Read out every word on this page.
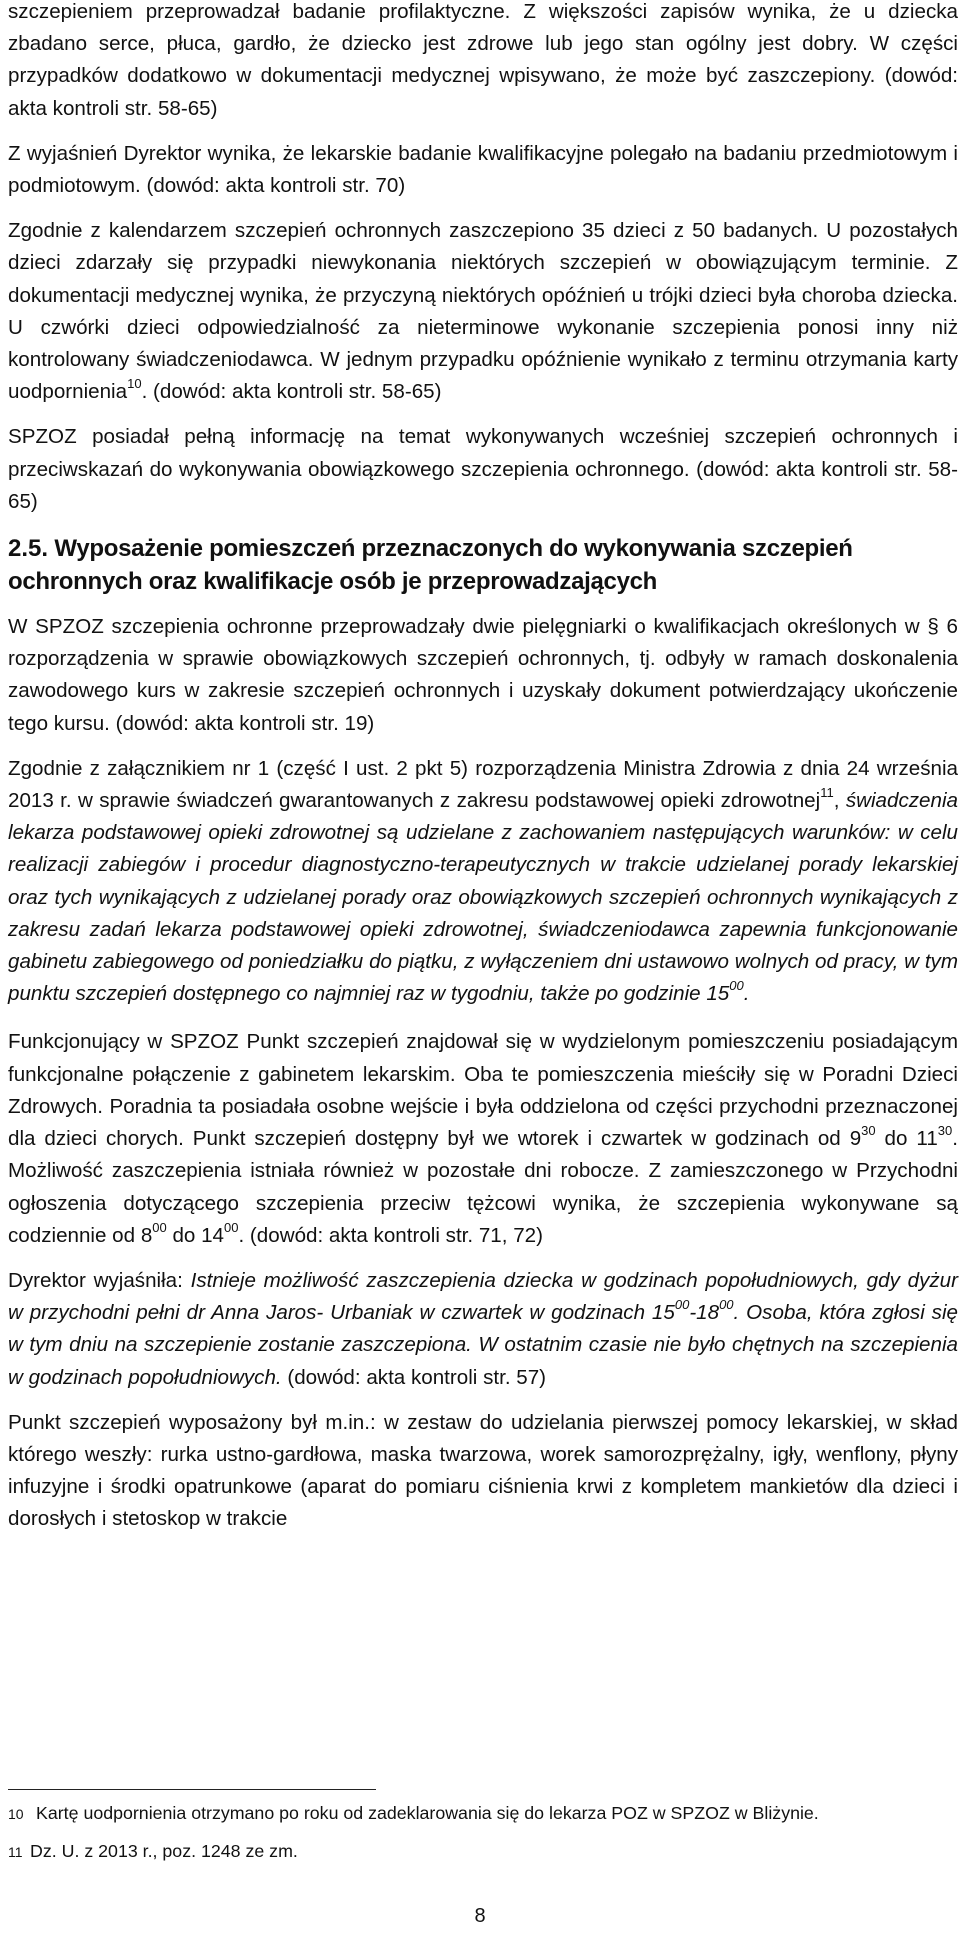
szczepieniem przeprowadzał badanie profilaktyczne. Z większości zapisów wynika, że u dziecka zbadano serce, płuca, gardło, że dziecko jest zdrowe lub jego stan ogólny jest dobry. W części przypadków dodatkowo w dokumentacji medycznej wpisywano, że może być zaszczepiony. (dowód: akta kontroli str. 58-65)

Z wyjaśnień Dyrektor wynika, że lekarskie badanie kwalifikacyjne polegało na badaniu przedmiotowym i podmiotowym. (dowód: akta kontroli str. 70)

Zgodnie z kalendarzem szczepień ochronnych zaszczepiono 35 dzieci z 50 badanych. U pozostałych dzieci zdarzały się przypadki niewykonania niektórych szczepień w obowiązującym terminie. Z dokumentacji medycznej wynika, że przyczyną niektórych opóźnień u trójki dzieci była choroba dziecka. U czwórki dzieci odpowiedzialność za nieterminowe wykonanie szczepienia ponosi inny niż kontrolowany świadczeniodawca. W jednym przypadku opóźnienie wynikało z terminu otrzymania karty uodpornienia$^{10}$. (dowód: akta kontroli str. 58-65)

SPZOZ posiadał pełną informację na temat wykonywanych wcześniej szczepień ochronnych i przeciwskazań do wykonywania obowiązkowego szczepienia ochronnego. (dowód: akta kontroli str. 58-65)

2.5. Wyposażenie pomieszczeń przeznaczonych do wykonywania szczepień ochronnych oraz kwalifikacje osób je przeprowadzających

W SPZOZ szczepienia ochronne przeprowadzały dwie pielęgniarki o kwalifikacjach określonych w § 6 rozporządzenia w sprawie obowiązkowych szczepień ochronnych, tj. odbyły w ramach doskonalenia zawodowego kurs w zakresie szczepień ochronnych i uzyskały dokument potwierdzający ukończenie tego kursu. (dowód: akta kontroli str. 19)

Zgodnie z załącznikiem nr 1 (część I ust. 2 pkt 5) rozporządzenia Ministra Zdrowia z dnia 24 września 2013 r. w sprawie świadczeń gwarantowanych z zakresu podstawowej opieki zdrowotnej$^{11}$, świadczenia lekarza podstawowej opieki zdrowotnej są udzielane z zachowaniem następujących warunków: w celu realizacji zabiegów i procedur diagnostyczno-terapeutycznych w trakcie udzielanej porady lekarskiej oraz tych wynikających z udzielanej porady oraz obowiązkowych szczepień ochronnych wynikających z zakresu zadań lekarza podstawowej opieki zdrowotnej, świadczeniodawca zapewnia funkcjonowanie gabinetu zabiegowego od poniedziałku do piątku, z wyłączeniem dni ustawowo wolnych od pracy, w tym punktu szczepień dostępnego co najmniej raz w tygodniu, także po godzinie $15^{00}$.

Funkcjonujący w SPZOZ Punkt szczepień znajdował się w wydzielonym pomieszczeniu posiadającym funkcjonalne połączenie z gabinetem lekarskim. Oba te pomieszczenia mieściły się w Poradni Dzieci Zdrowych. Poradnia ta posiadała osobne wejście i była oddzielona od części przychodni przeznaczonej dla dzieci chorych. Punkt szczepień dostępny był we wtorek i czwartek w godzinach od $9^{30}$ do $11^{30}$. Możliwość zaszczepienia istniała również w pozostałe dni robocze. Z zamieszczonego w Przychodni ogłoszenia dotyczącego szczepienia przeciw tężcowi wynika, że szczepienia wykonywane są codziennie od $8^{00}$ do $14^{00}$. (dowód: akta kontroli str. 71, 72)

Dyrektor wyjaśniła: Istnieje możliwość zaszczepienia dziecka w godzinach popołudniowych, gdy dyżur w przychodni pełni dr Anna Jaros- Urbaniak w czwartek w godzinach $15^{00}-18^{00}$. Osoba, która zgłosi się w tym dniu na szczepienie zostanie zaszczepiona. W ostatnim czasie nie było chętnych na szczepienia w godzinach popołudniowych. (dowód: akta kontroli str. 57)

Punkt szczepień wyposażony był m.in.: w zestaw do udzielania pierwszej pomocy lekarskiej, w skład którego weszły: rurka ustno-gardłowa, maska twarzowa, worek samorozprężalny, igły, wenflony, płyny infuzyjne i środki opatrunkowe (aparat do pomiaru ciśnienia krwi z kompletem mankietów dla dzieci i dorosłych i stetoskop w trakcie

10 Kartę uodpornienia otrzymano po roku od zadeklarowania się do lekarza POZ w SPZOZ w Bliżynie.

11 Dz. U. z 2013 r., poz. 1248 ze zm.

8
